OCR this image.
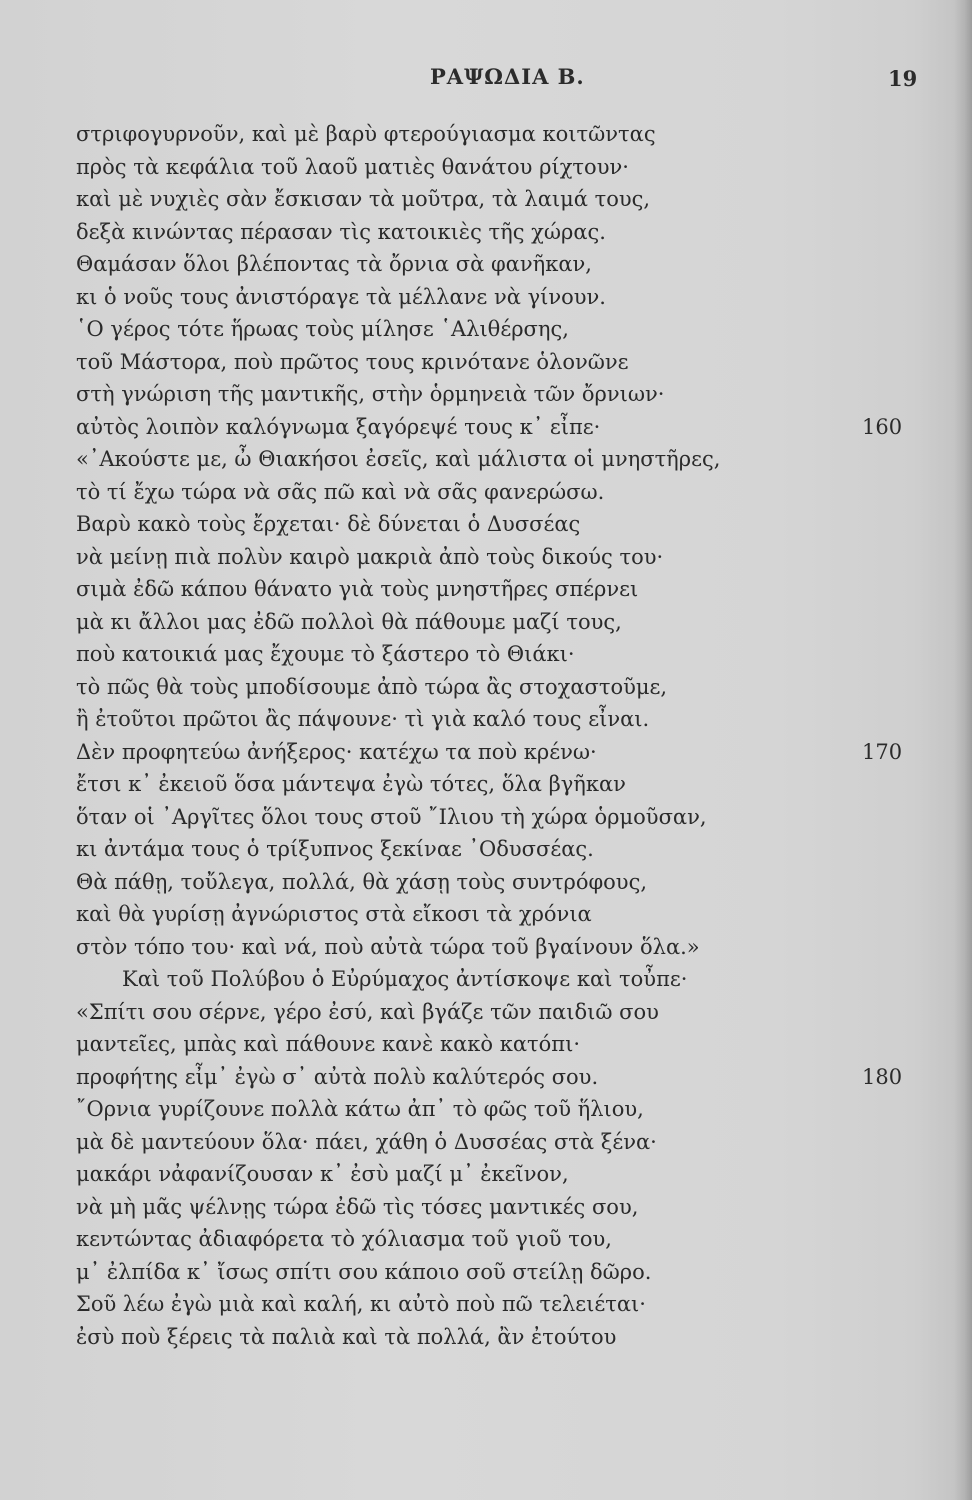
ΡΑΨΩΔΙΑ Β.	19
στριφογυρνοῦν, καὶ μὲ βαρὺ φτερούγιασμα κοιτῶντας
πρὸς τὰ κεφάλια τοῦ λαοῦ ματιὲς θανάτου ρίχτουν·
καὶ μὲ νυχιὲς σὰν ἔσκισαν τὰ μοῦτρα, τὰ λαιμά τους,
δεξὰ κινώντας πέρασαν τὶς κατοικιὲς τῆς χώρας.
Θαμάσαν ὅλοι βλέποντας τὰ ὄρνια σὰ φανῆκαν,
κι ὁ νοῦς τους ἀνιστόραγε τὰ μέλλανε νὰ γίνουν.
῾Ο γέρος τότε ἥρωας τοὺς μίλησε ῾Αλιθέρσης,
τοῦ Μάστορα, ποὺ πρῶτος τους κρινότανε ὁλονῶνε
στὴ γνώριση τῆς μαντικῆς, στὴν ὁρμηνειὰ τῶν ὄρνιων·
αὐτὸς λοιπὸν καλόγνωμα ξαγόρεψέ τους κ᾽ εἶπε·	160
«᾽Ακούστε με, ὦ Θιακήσοι ἐσεῖς, καὶ μάλιστα οἱ μνηστῆρες,
τὸ τί ἔχω τώρα νὰ σᾶς πῶ καὶ νὰ σᾶς φανερώσω.
Βαρὺ κακὸ τοὺς ἔρχεται· δὲ δύνεται ὁ Δυσσέας
νὰ μείνῃ πιὰ πολὺν καιρὸ μακριὰ ἀπὸ τοὺς δικούς του·
σιμὰ ἐδῶ κάπου θάνατο γιὰ τοὺς μνηστῆρες σπέρνει
μὰ κι ἄλλοι μας ἐδῶ πολλοὶ θὰ πάθουμε μαζί τους,
ποὺ κατοικιά μας ἔχουμε τὸ ξάστερο τὸ Θιάκι·
τὸ πῶς θὰ τοὺς μποδίσουμε ἀπὸ τώρα ἂς στοχαστοῦμε,
ἢ ἐτοῦτοι πρῶτοι ἂς πάψουνε· τὶ γιὰ καλό τους εἶναι.
Δὲν προφητεύω ἀνήξερος· κατέχω τα ποὺ κρένω·	170
ἔτσι κ᾽ ἐκειοῦ ὅσα μάντεψα ἐγὼ τότες, ὅλα βγῆκαν
ὅταν οἱ ᾽Αργῖτες ὅλοι τους στοῦ ῎Ιλιου τὴ χώρα ὁρμοῦσαν,
κι ἀντάμα τους ὁ τρίξυπνος ξεκίναε ᾽Οδυσσέας.
Θὰ πάθῃ, τοὔλεγα, πολλά, θὰ χάσῃ τοὺς συντρόφους,
καὶ θὰ γυρίσῃ ἀγνώριστος στὰ εἴκοσι τὰ χρόνια
στὸν τόπο του· καὶ νά, ποὺ αὐτὰ τώρα τοῦ βγαίνουν ὅλα.»
Καὶ τοῦ Πολύβου ὁ Εὐρύμαχος ἀντίσκοψε καὶ τοὖπε·
«Σπίτι σου σέρνε, γέρο ἐσύ, καὶ βγάζε τῶν παιδιῶ σου
μαντεῖες, μπὰς καὶ πάθουνε κανὲ κακὸ κατόπι·
προφήτης εἶμ᾽ ἐγὼ σ᾽ αὐτὰ πολὺ καλύτερός σου.	180
῎Ορνια γυρίζουνε πολλὰ κάτω ἀπ᾽ τὸ φῶς τοῦ ἥλιου,
μὰ δὲ μαντεύουν ὅλα· πάει, χάθη ὁ Δυσσέας στὰ ξένα·
μακάρι νἀφανίζουσαν κ᾽ ἐσὺ μαζί μ᾽ ἐκεῖνον,
νὰ μὴ μᾶς ψέλνῃς τώρα ἐδῶ τὶς τόσες μαντικές σου,
κεντώντας ἀδιαφόρετα τὸ χόλιασμα τοῦ γιοῦ του,
μ᾽ ἐλπίδα κ᾽ ἴσως σπίτι σου κάποιο σοῦ στείλῃ δῶρο.
Σοῦ λέω ἐγὼ μιὰ καὶ καλή, κι αὐτὸ ποὺ πῶ τελειέται·
ἐσὺ ποὺ ξέρεις τὰ παλιὰ καὶ τὰ πολλά, ἂν ἐτούτου
